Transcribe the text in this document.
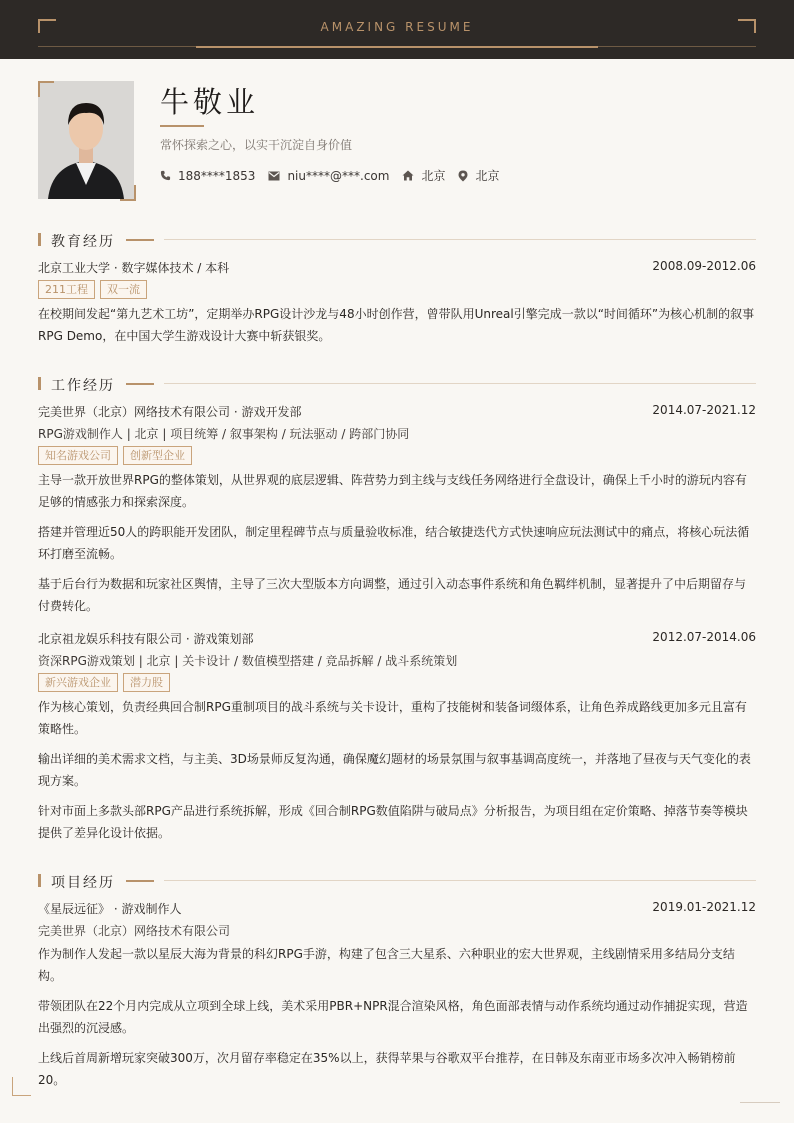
AMAZING RESUME
牛敬业
常怀探索之心，以实干沉淀自身价值
188****1853	niu****@***.com	北京	北京
教育经历
北京工业大学 · 数字媒体技术 / 本科	2008.09-2012.06
211工程	双一流

在校期间发起“第九艺术工坊”，定期举办RPG设计沙龙与48小时创作营，曾带队用Unreal引擎完成一款以“时间循环”为核心机制的叙事RPG Demo，在中国大学生游戏设计大赛中斩获银奖。

工作经历
完美世界（北京）网络技术有限公司 · 游戏开发部	2014.07-2021.12
RPG游戏制作人 | 北京 | 项目统筹 / 叙事架构 / 玩法驱动 / 跨部门协同
知名游戏公司	创新型企业

主导一款开放世界RPG的整体策划，从世界观的底层逻辑、阵营势力到主线与支线任务网络进行全盘设计，确保上千小时的游玩内容有足够的情感张力和探索深度。

搭建并管理近50人的跨职能开发团队，制定里程碑节点与质量验收标准，结合敏捷迭代方式快速响应玩法测试中的痛点，将核心玩法循环打磨至流畅。

基于后台行为数据和玩家社区舆情，主导了三次大型版本方向调整，通过引入动态事件系统和角色羁绊机制，显著提升了中后期留存与付费转化。

北京祖龙娱乐科技有限公司 · 游戏策划部	2012.07-2014.06
资深RPG游戏策划 | 北京 | 关卡设计 / 数值模型搭建 / 竞品拆解 / 战斗系统策划
新兴游戏企业	潜力股

作为核心策划，负责经典回合制RPG重制项目的战斗系统与关卡设计，重构了技能树和装备词缀体系，让角色养成路线更加多元且富有策略性。

输出详细的美术需求文档，与主美、3D场景师反复沟通，确保魔幻题材的场景氛围与叙事基调高度统一，并落地了昼夜与天气变化的表现方案。

针对市面上多款头部RPG产品进行系统拆解，形成《回合制RPG数值陷阱与破局点》分析报告，为项目组在定价策略、掉落节奏等模块提供了差异化设计依据。

项目经历
《星辰远征》 · 游戏制作人	2019.01-2021.12
完美世界（北京）网络技术有限公司

作为制作人发起一款以星辰大海为背景的科幻RPG手游，构建了包含三大星系、六种职业的宏大世界观，主线剧情采用多结局分支结构。

带领团队在22个月内完成从立项到全球上线，美术采用PBR+NPR混合渲染风格，角色面部表情与动作系统均通过动作捕捉实现，营造出强烈的沉浸感。

上线后首周新增玩家突破300万，次月留存率稳定在35%以上，获得苹果与谷歌双平台推荐，在日韩及东南亚市场多次冲入畅销榜前20。
